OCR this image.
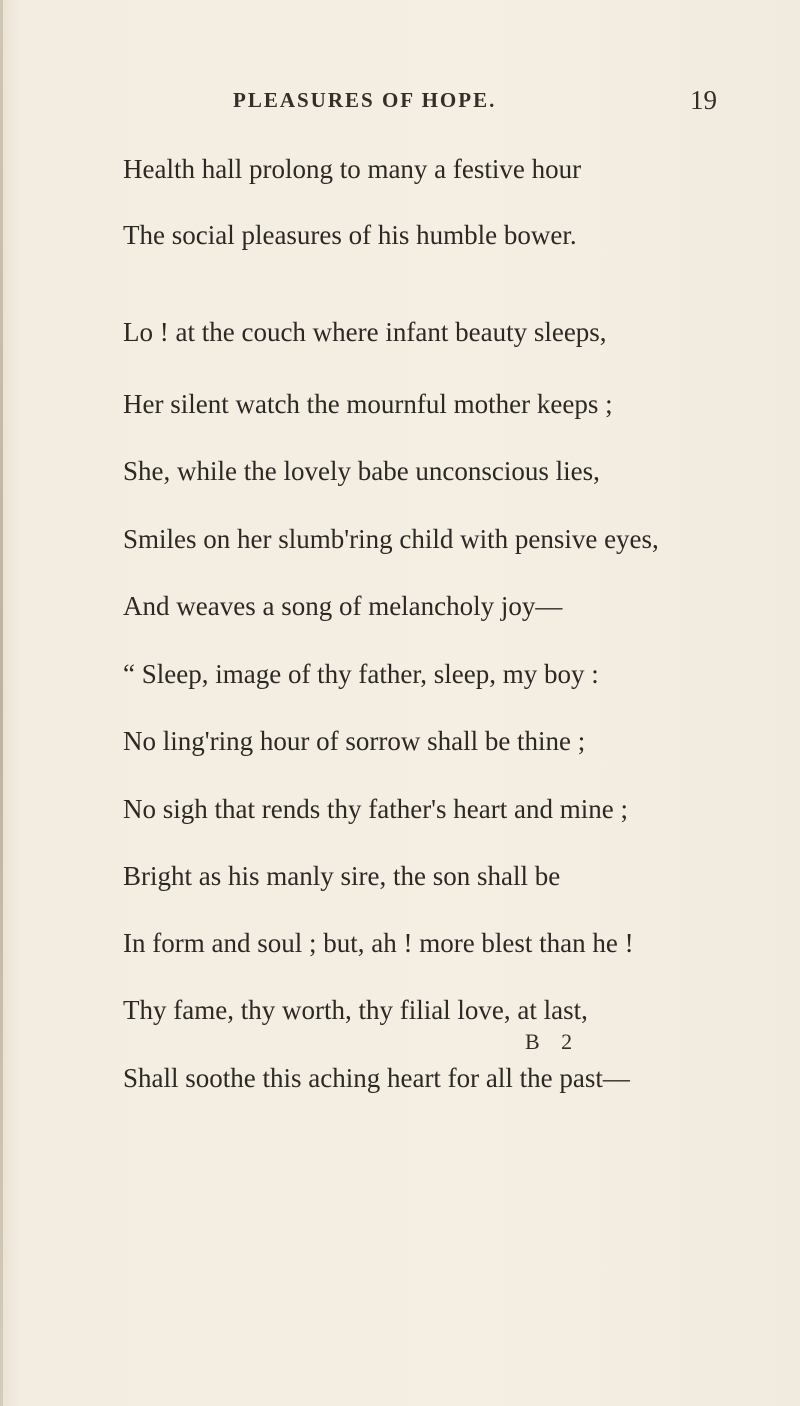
PLEASURES OF HOPE.	19
Health hall prolong to many a festive hour
The social pleasures of his humble bower.
Lo ! at the couch where infant beauty sleeps,
Her silent watch the mournful mother keeps ;
She, while the lovely babe unconscious lies,
Smiles on her slumb'ring child with pensive eyes,
And weaves a song of melancholy joy—
“ Sleep, image of thy father, sleep, my boy :
No ling'ring hour of sorrow shall be thine ;
No sigh that rends thy father's heart and mine ;
Bright as his manly sire, the son shall be
In form and soul ; but, ah ! more blest than he !
Thy fame, thy worth, thy filial love, at last,
Shall soothe this aching heart for all the past—
B 2
